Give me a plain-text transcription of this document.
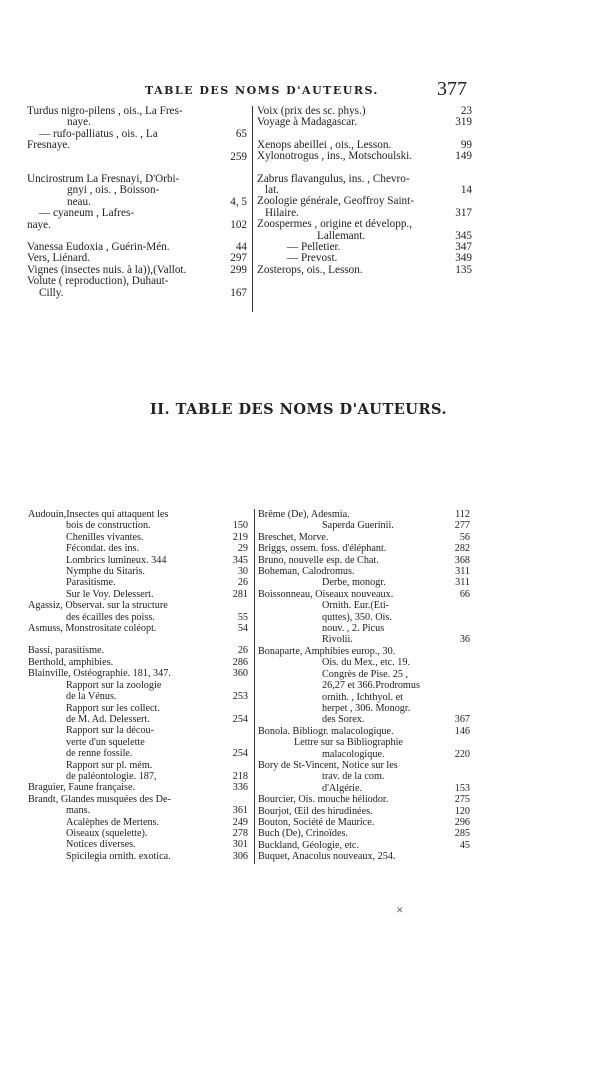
TABLE DES NOMS D'AUTEURS.	377
Turdus nigro-pilens , ois., La Fres-
naye.
— rufo-palliatus , ois. , La	65
Fresnaye.

259
Uncirostrum La Fresnayi, D'Orbi-
gnyi , ois. , Boisson-
neau.	4, 5
— cyaneum , Lafres-
naye.	102
Vanessa Eudoxia , Guérin-Mén.	44
Vers, Liénard.	297
Vignes (insectes nuis. à la)),(Vallot.	299
Volute ( reproduction), Duhaut-
Cilly.	167
Voix (prix des sc. phys.)	23
Voyage à Madagascar.	319
Xenops abeillei , ois., Lesson.	99
Xylonotrogus , ins., Motschoulski.	149
Zabrus flavangulus, ins. , Chevro-
lat.	14
Zoologie générale, Geoffroy Saint-
Hilaire.	317
Zoospermes , origine et développ.,
Lallemant.	345
— Pelletier.	347
— Prevost.	349
Zosterops, ois., Lesson.	135
II. TABLE DES NOMS D'AUTEURS.
Audouin,Insectes qui attaquent les
bois de construction.	150
Chenilles vivantes.	219
Fécondat. des ins.	29
Lombrics lumineux. 344	345
Nymphe du Sitaris.	30
Parasitisme.	26
Sur le Voy. Delessert.	281
Agassiz, Observat. sur la structure
des écailles des poiss.	55
Asmuss, Monstrositate coléopt.	54
Bassi, parasitisme.	26
Berthold, amphibies.	286
Blainville, Ostéographie. 181, 347.	360
Rapport sur la zoologie
de la Vénus.	253
Rapport sur les collect.
de M. Ad. Delessert.	254
Rapport sur la décou-
verte d'un squelette
de renne fossile.	254
Rapport sur pl. mém.
de paléontologie. 187,	218
Braguier, Faune française.	336
Brandt, Glandes musquées des De-
mans.	361
Acalèphes de Mertens.	249
Oiseaux (squelette).	278
Notices diverses.	301
Spicilegia ornith. exotica.	306
Brême (De), Adesmia.	112
Saperda Guerinii.	277
Breschet, Morve.	56
Briggs, ossem. foss. d'éléphant.	282
Bruno, nouvelle esp. de Chat.	368
Boheman, Calodromus.	311
Derbe, monogr.	311
Boissonneau, Oiseaux nouveaux.	66
Ornith. Eur.(Eti-
quttes), 350. Ois.
nouv. , 2. Picus
Rivolii.	36
Bonaparte, Amphibies europ., 30.
Ois. du Mex., etc. 19.
Congrès de Pise. 25 ,
26,27 et 366.Prodromus
ornith. , Ichthyol. et
herpet , 306. Monogr.
des Sorex.	367
Bonola. Bibliogr. malacologique.	146
Lettre sur sa Bibliographie
malacologique.	220
Bory de St-Vincent, Notice sur les
trav. de la com.
d'Algérie.	153
Bourcier, Ois. mouche héliodor.	275
Bourjot, Œil des hirudinées.	120
Bouton, Société de Maurice.	296
Buch (De), Crinoïdes.	285
Buckland, Géologie, etc.	45
Buquet, Anacolus nouveaux, 254.
✕
